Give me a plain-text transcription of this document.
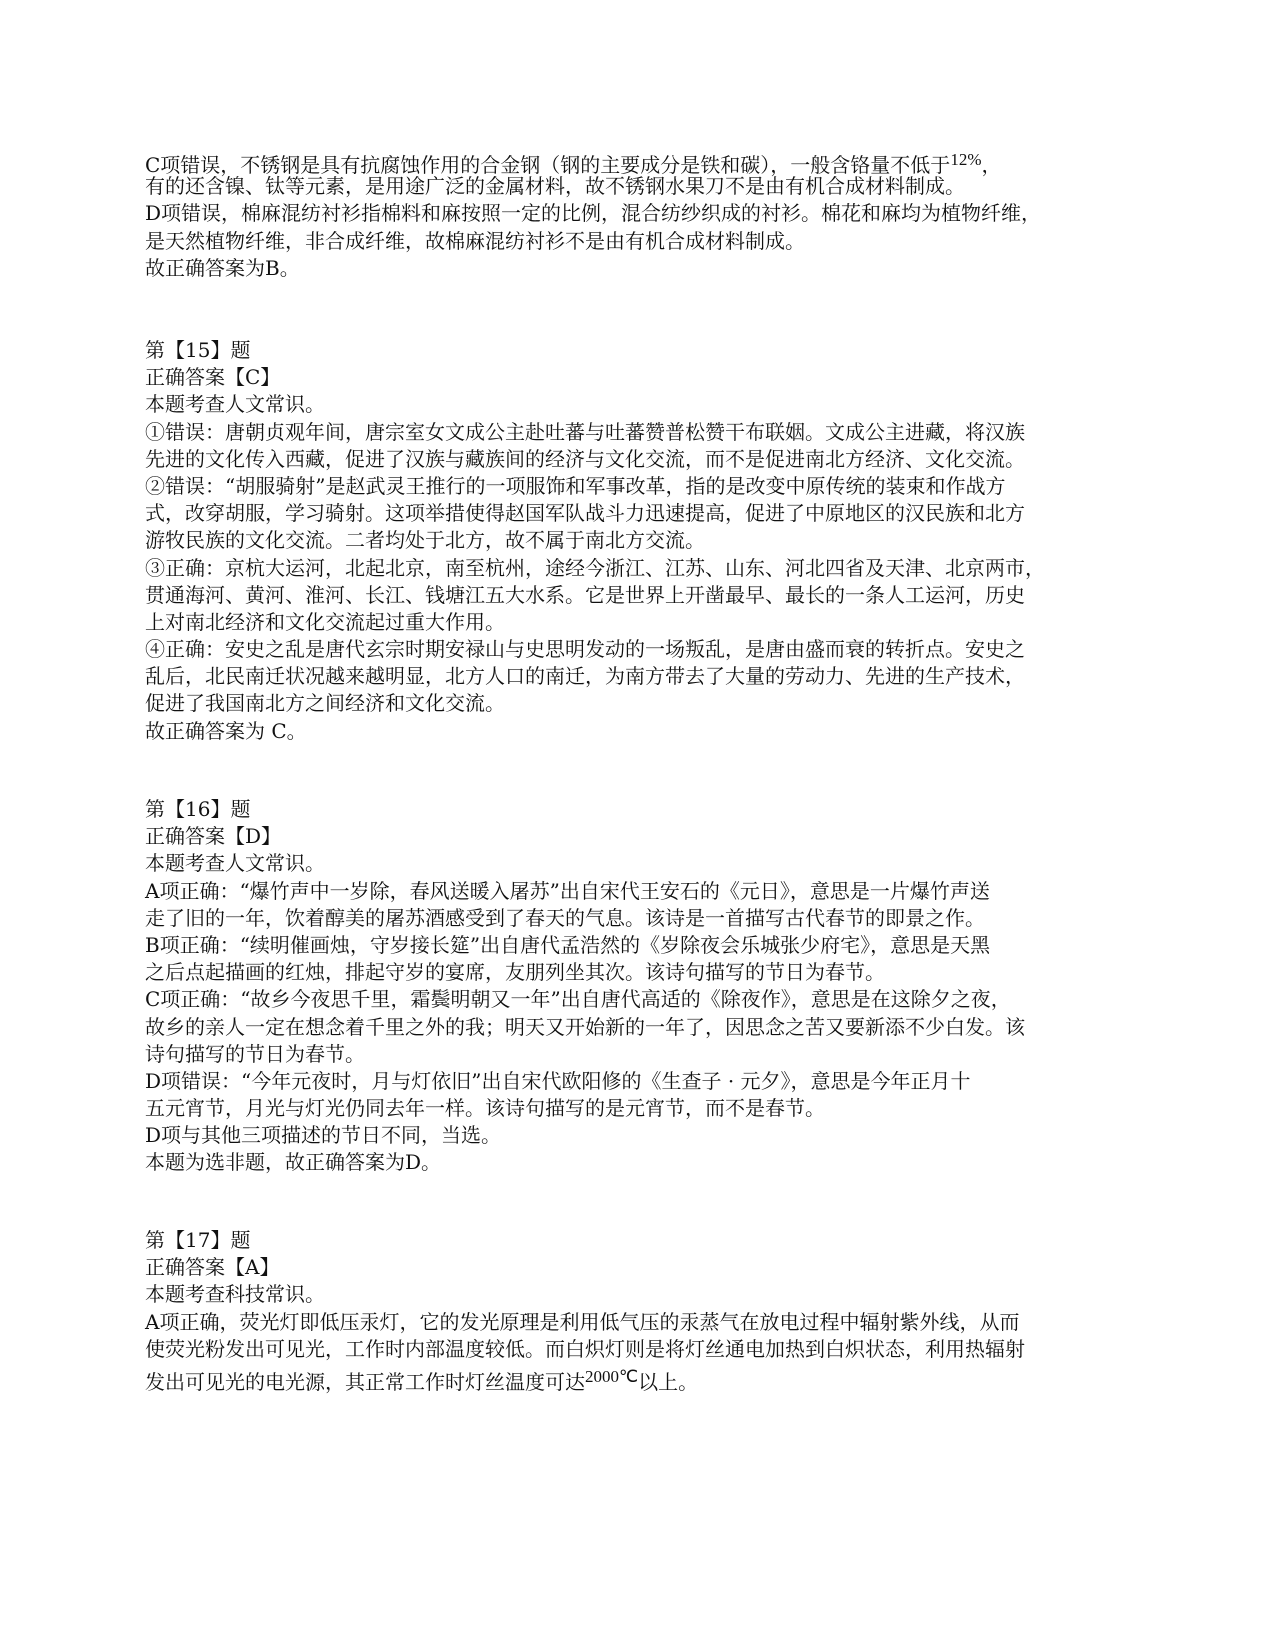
C项错误，不锈钢是具有抗腐蚀作用的合金钢（钢的主要成分是铁和碳），一般含铬量不低于$^{12\%}$，
有的还含镍、钛等元素，是用途广泛的金属材料，故不锈钢水果刀不是由有机合成材料制成。
D项错误，棉麻混纺衬衫指棉料和麻按照一定的比例，混合纺纱织成的衬衫。棉花和麻均为植物纤维，
是天然植物纤维，非合成纤维，故棉麻混纺衬衫不是由有机合成材料制成。
故正确答案为B。
第【15】题
正确答案【C】
本题考查人文常识。
①错误：唐朝贞观年间，唐宗室女文成公主赴吐蕃与吐蕃赞普松赞干布联姻。文成公主进藏，将汉族
先进的文化传入西藏，促进了汉族与藏族间的经济与文化交流，而不是促进南北方经济、文化交流。
②错误：“胡服骑射”是赵武灵王推行的一项服饰和军事改革，指的是改变中原传统的装束和作战方
式，改穿胡服，学习骑射。这项举措使得赵国军队战斗力迅速提高，促进了中原地区的汉民族和北方
游牧民族的文化交流。二者均处于北方，故不属于南北方交流。
③正确：京杭大运河，北起北京，南至杭州，途经今浙江、江苏、山东、河北四省及天津、北京两市，
贯通海河、黄河、淮河、长江、钱塘江五大水系。它是世界上开凿最早、最长的一条人工运河，历史
上对南北经济和文化交流起过重大作用。
④正确：安史之乱是唐代玄宗时期安禄山与史思明发动的一场叛乱，是唐由盛而衰的转折点。安史之
乱后，北民南迁状况越来越明显，北方人口的南迁，为南方带去了大量的劳动力、先进的生产技术，
促进了我国南北方之间经济和文化交流。
故正确答案为 C。
第【16】题
正确答案【D】
本题考查人文常识。
A项正确：“爆竹声中一岁除，春风送暖入屠苏”出自宋代王安石的《元日》，意思是一片爆竹声送
走了旧的一年，饮着醇美的屠苏酒感受到了春天的气息。该诗是一首描写古代春节的即景之作。
B项正确：“续明催画烛，守岁接长筵”出自唐代孟浩然的《岁除夜会乐城张少府宅》，意思是天黑
之后点起描画的红烛，排起守岁的宴席，友朋列坐其次。该诗句描写的节日为春节。
C项正确：“故乡今夜思千里，霜鬓明朝又一年”出自唐代高适的《除夜作》，意思是在这除夕之夜，
故乡的亲人一定在想念着千里之外的我；明天又开始新的一年了，因思念之苦又要新添不少白发。该
诗句描写的节日为春节。
D项错误：“今年元夜时，月与灯依旧”出自宋代欧阳修的《生查子 · 元夕》，意思是今年正月十
五元宵节，月光与灯光仍同去年一样。该诗句描写的是元宵节，而不是春节。
D项与其他三项描述的节日不同，当选。
本题为选非题，故正确答案为D。
第【17】题
正确答案【A】
本题考查科技常识。
A项正确，荧光灯即低压汞灯，它的发光原理是利用低气压的汞蒸气在放电过程中辐射紫外线，从而
使荧光粉发出可见光，工作时内部温度较低。而白炽灯则是将灯丝通电加热到白炽状态，利用热辐射
发出可见光的电光源，其正常工作时灯丝温度可达$^{2000℃}$以上。
